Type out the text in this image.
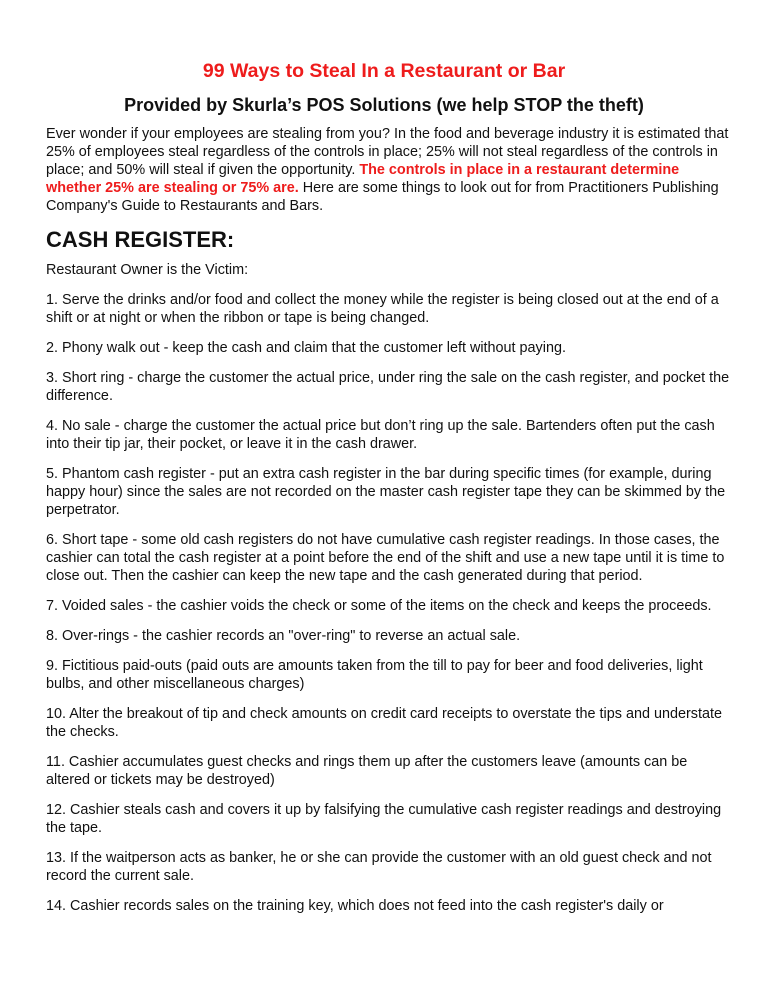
99 Ways to Steal In a Restaurant or Bar
Provided by Skurla’s POS Solutions (we help STOP the theft)

Ever wonder if your employees are stealing from you? In the food and beverage industry it is estimated that 25% of employees steal regardless of the controls in place; 25% will not steal regardless of the controls in place; and 50% will steal if given the opportunity. The controls in place in a restaurant determine whether 25% are stealing or 75% are. Here are some things to look out for from Practitioners Publishing Company's Guide to Restaurants and Bars.

CASH REGISTER:

Restaurant Owner is the Victim:

1. Serve the drinks and/or food and collect the money while the register is being closed out at the end of a shift or at night or when the ribbon or tape is being changed.

2. Phony walk out - keep the cash and claim that the customer left without paying.

3. Short ring - charge the customer the actual price, under ring the sale on the cash register, and pocket the difference.

4. No sale - charge the customer the actual price but don’t ring up the sale. Bartenders often put the cash into their tip jar, their pocket, or leave it in the cash drawer.

5. Phantom cash register - put an extra cash register in the bar during specific times (for example, during happy hour) since the sales are not recorded on the master cash register tape they can be skimmed by the perpetrator.

6. Short tape - some old cash registers do not have cumulative cash register readings. In those cases, the cashier can total the cash register at a point before the end of the shift and use a new tape until it is time to close out. Then the cashier can keep the new tape and the cash generated during that period.

7. Voided sales - the cashier voids the check or some of the items on the check and keeps the proceeds.

8. Over-rings - the cashier records an "over-ring" to reverse an actual sale.

9. Fictitious paid-outs (paid outs are amounts taken from the till to pay for beer and food deliveries, light bulbs, and other miscellaneous charges)

10. Alter the breakout of tip and check amounts on credit card receipts to overstate the tips and understate the checks.

11. Cashier accumulates guest checks and rings them up after the customers leave (amounts can be altered or tickets may be destroyed)

12. Cashier steals cash and covers it up by falsifying the cumulative cash register readings and destroying the tape.

13. If the waitperson acts as banker, he or she can provide the customer with an old guest check and not record the current sale.

14. Cashier records sales on the training key, which does not feed into the cash register's daily or
